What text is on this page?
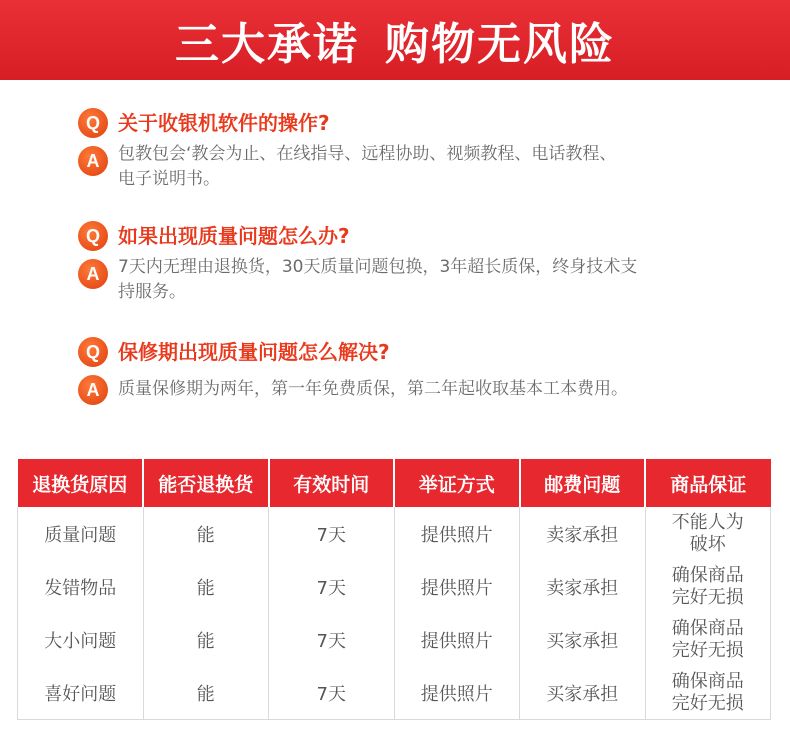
三大承诺 购物无风险
Q 关于收银机软件的操作?
A	包教包会‘教会为止、在线指导、远程协助、视频教程、电话教程、
电子说明书。
Q 如果出现质量问题怎么办?
A	7天内无理由退换货，30天质量问题包换，3年超长质保，终身技术支
持服务。
Q 保修期出现质量问题怎么解决?
A	质量保修期为两年，第一年免费质保，第二年起收取基本工本费用。
退换货原因	能否退换货	有效时间	举证方式	邮费问题	商品保证
质量问题	能	7天	提供照片	卖家承担	不能人为
破坏

发错物品	能	7天	提供照片	卖家承担	确保商品
完好无损

大小问题	能	7天	提供照片	买家承担	确保商品
完好无损

喜好问题	能	7天	提供照片	买家承担	确保商品
完好无损
